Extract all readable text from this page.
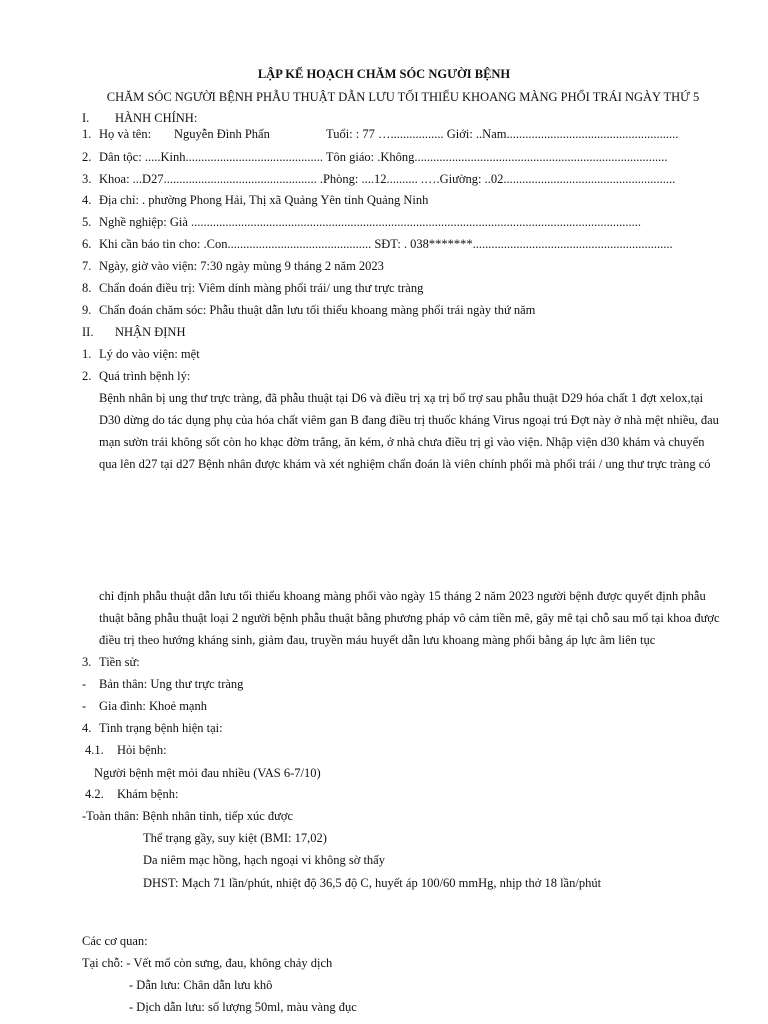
LẬP KẾ HOẠCH CHĂM SÓC NGƯỜI BỆNH
CHĂM SÓC NGƯỜI BỆNH PHẪU THUẬT DẪN LƯU TỐI THIỂU KHOANG MÀNG PHỔI TRÁI NGÀY THỨ 5
I. HÀNH CHÍNH:
1. Họ và tên: Nguyễn Đình Phấn	Tuổi: : 77 …................. Giới: ..Nam.......................................................
2. Dân tộc: .....Kinh............................................ Tôn giáo: .Không.................................................................................
3. Khoa: ...D27................................................. .Phòng: ....12.......... .….Giường: ..02.......................................................
4. Địa chỉ: . phường Phong Hải, Thị xã Quảng Yên tỉnh Quảng Ninh
5. Nghề nghiệp: Già ................................................................................................................................................
6. Khi cần báo tin cho: .Con.............................................. SĐT: . 038*******................................................................
7. Ngày, giờ vào viện: 7:30 ngày mùng 9 tháng 2 năm 2023
8. Chẩn đoán điều trị: Viêm dính màng phổi trái/ ung thư trực tràng
9. Chẩn đoán chăm sóc: Phẫu thuật dẫn lưu tối thiểu khoang màng phổi trái ngày thứ năm
II. NHẬN ĐỊNH
1. Lý do vào viện: mệt
2. Quá trình bệnh lý:
Bệnh nhân bị ung thư trực tràng, đã phẫu thuật tại D6 và điều trị xạ trị bổ trợ sau phẫu thuật D29 hóa chất 1 đợt xelox,tại
D30 dừng do tác dụng phụ của hóa chất viêm gan B đang điều trị thuốc kháng Virus ngoại trú Đợt này ở nhà mệt nhiều, đau
mạn sườn trái không sốt còn ho khạc đờm trắng, ăn kém, ở nhà chưa điều trị gì vào viện. Nhập viện d30 khám và chuyển
qua lên d27 tại d27 Bệnh nhân được khám và xét nghiệm chẩn đoán là viên chính phổi mà phổi trái / ung thư trực tràng có
chỉ định phẫu thuật dẫn lưu tối thiểu khoang màng phổi vào ngày 15 tháng 2 năm 2023 người bệnh được quyết định phẫu
thuật bằng phẫu thuật loại 2 người bệnh phẫu thuật bằng phương pháp vô cảm tiền mê, gây mê tại chỗ sau mổ tại khoa được
điều trị theo hướng kháng sinh, giảm đau, truyền máu huyết dẫn lưu khoang màng phổi bằng áp lực âm liên tục
3. Tiền sử:
- Bản thân: Ung thư trực tràng
- Gia đình: Khoẻ mạnh
4. Tình trạng bệnh hiện tại:
4.1. Hỏi bệnh:
Người bệnh mệt mỏi đau nhiều (VAS 6-7/10)
4.2. Khám bệnh:
-Toàn thân: Bệnh nhân tỉnh, tiếp xúc được
Thể trạng gầy, suy kiệt (BMI: 17,02)
Da niêm mạc hồng, hạch ngoại vi không sờ thấy
DHST: Mạch 71 lần/phút, nhiệt độ 36,5 độ C, huyết áp 100/60 mmHg, nhịp thở 18 lần/phút
Các cơ quan:
Tại chỗ: - Vết mổ còn sưng, đau, không chảy dịch
- Dẫn lưu: Chân dẫn lưu khô
- Dịch dẫn lưu: số lượng 50ml, màu vàng đục
